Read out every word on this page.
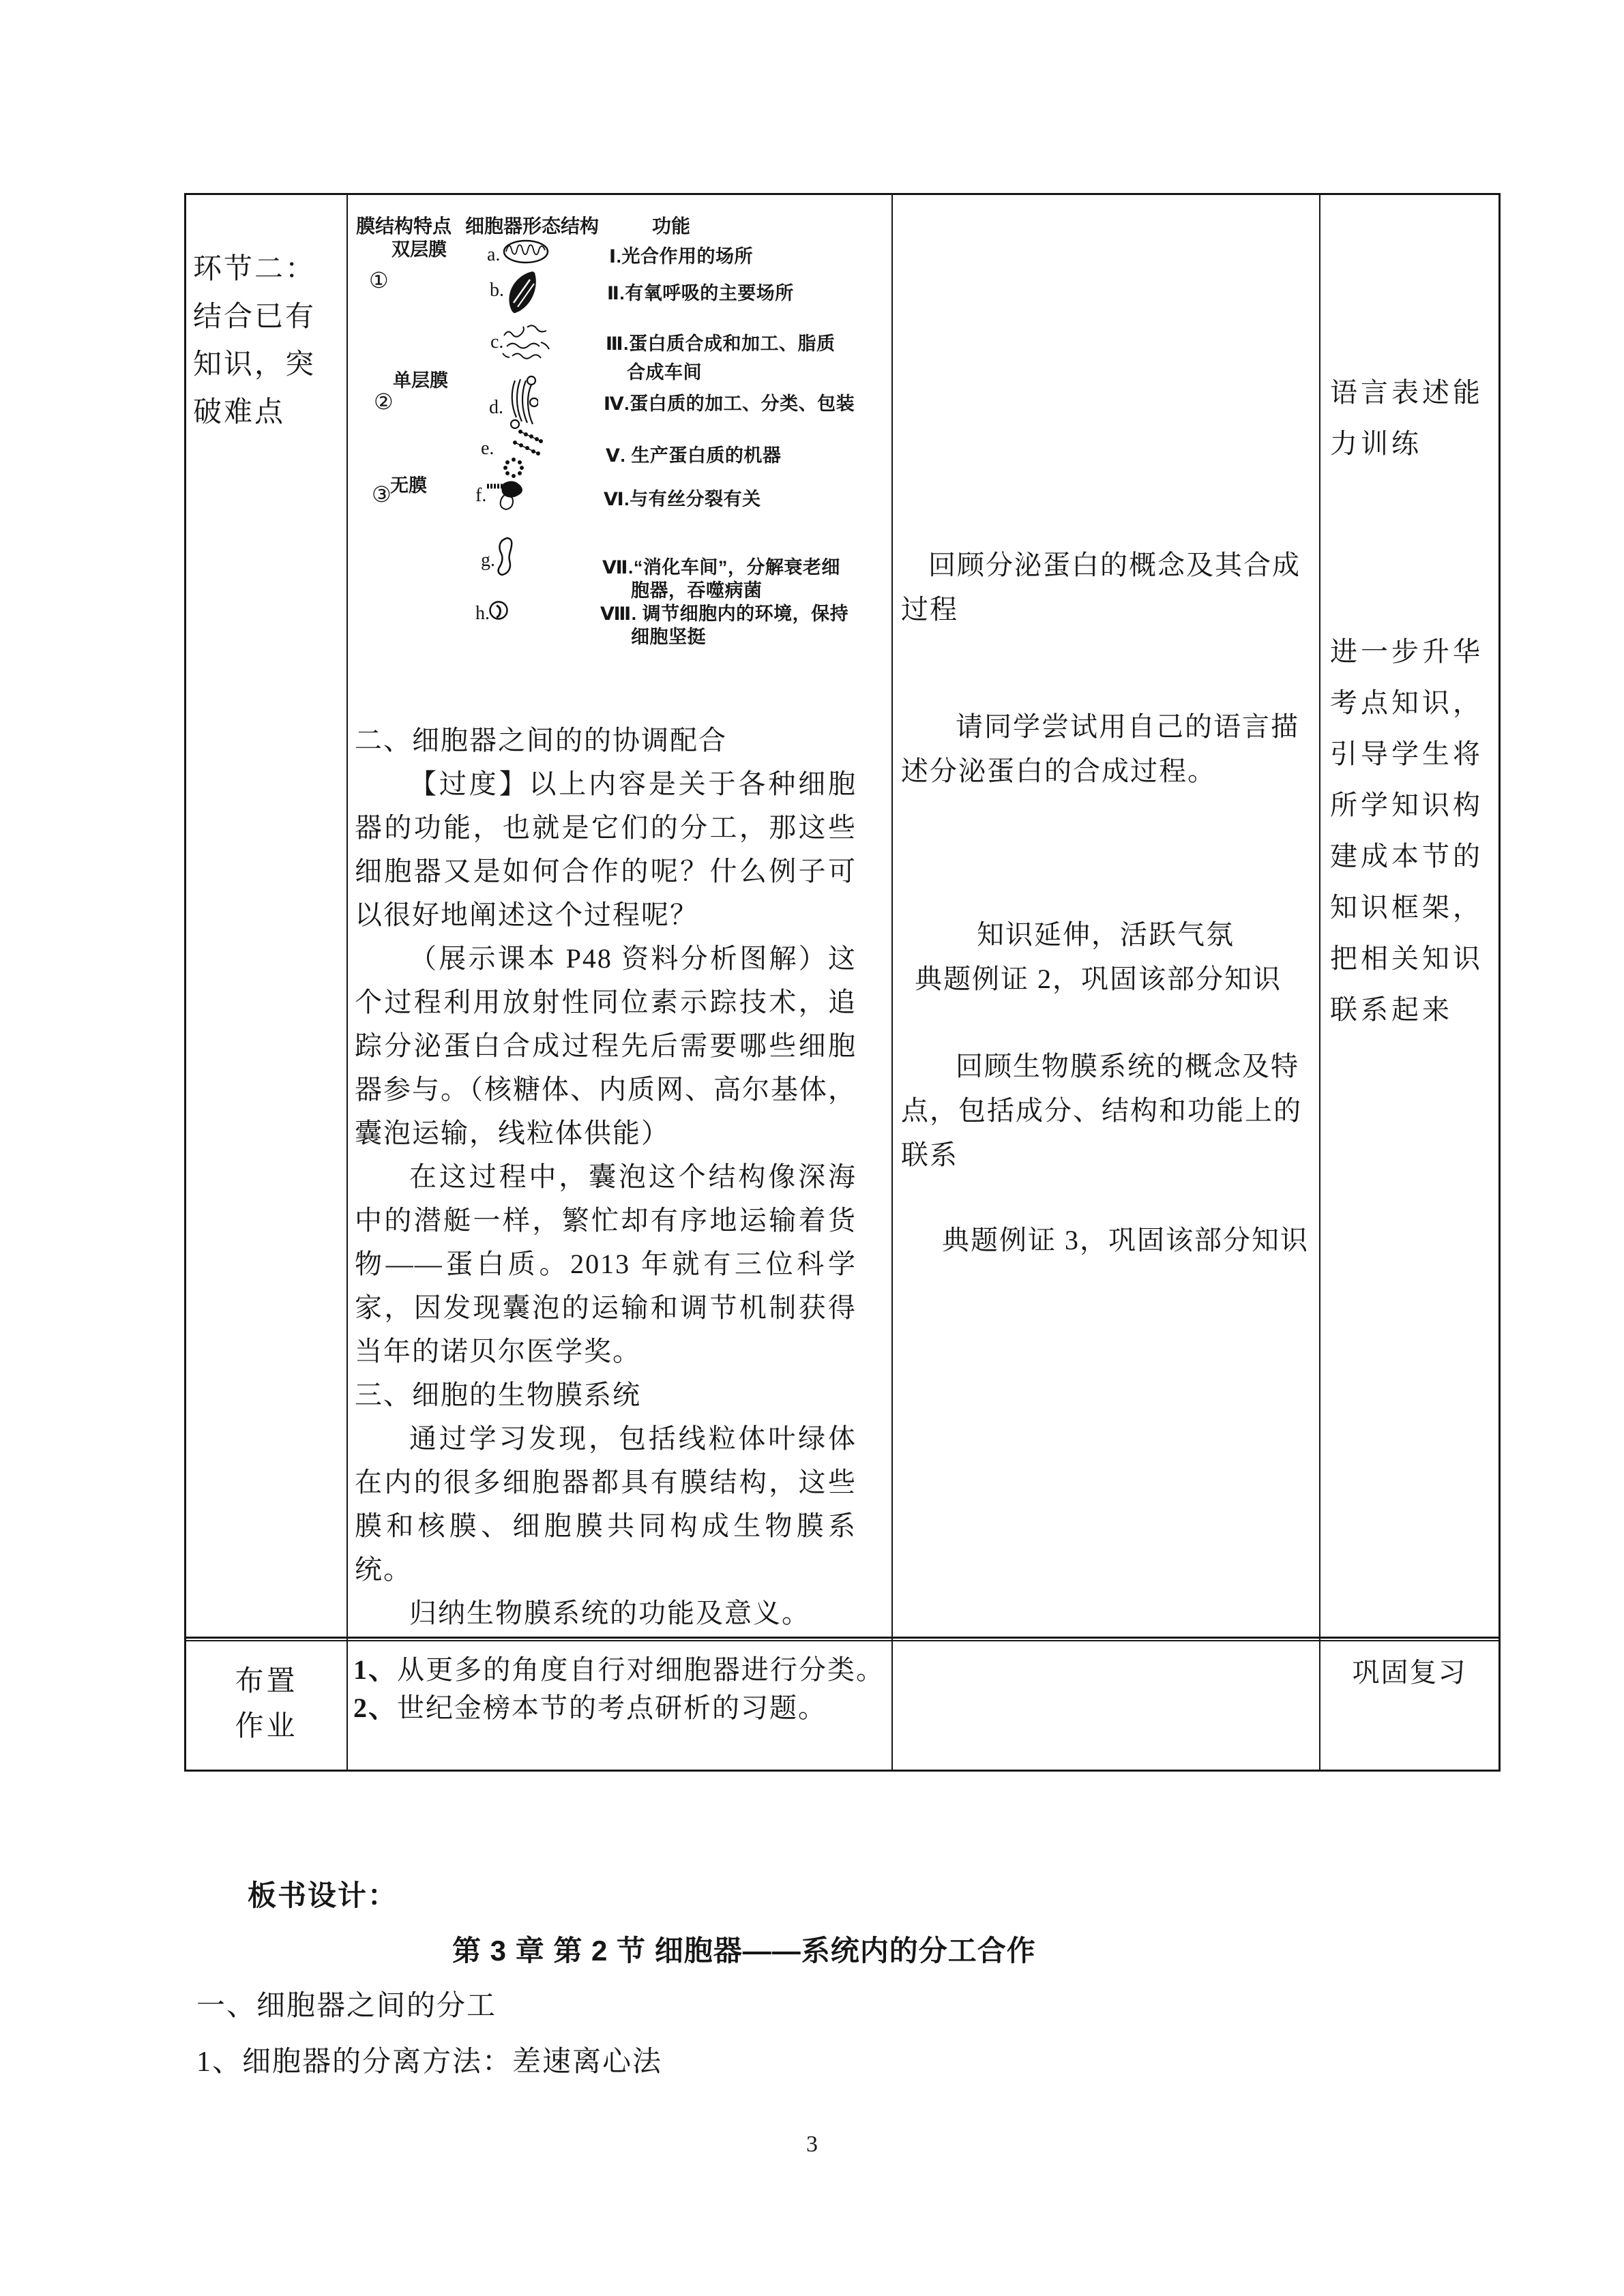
环节二：结合已有知识，突破难点
膜结构特点 细胞器形态结构	功能
①
双层膜
②
单层膜
③
无膜
a.
b.
c.
d.
e.
f.
g.
h.
Ⅰ.光合作用的场所
Ⅱ.有氧呼吸的主要场所
Ⅲ.蛋白质合成和加工、脂质
合成车间
Ⅳ.蛋白质的加工、分类、包装
Ⅴ. 生产蛋白质的机器
Ⅵ.与有丝分裂有关
Ⅶ.“消化车间”，分解衰老细
胞器，吞噬病菌
Ⅷ. 调节细胞内的环境，保持
细胞坚挺

二、细胞器之间的的协调配合

【过度】以上内容是关于各种细胞器的功能，也就是它们的分工，那这些细胞器又是如何合作的呢？什么例子可以很好地阐述这个过程呢？

（展示课本 P48 资料分析图解）这个过程利用放射性同位素示踪技术，追踪分泌蛋白合成过程先后需要哪些细胞器参与。（核糖体、内质网、高尔基体，囊泡运输，线粒体供能）

在这过程中，囊泡这个结构像深海中的潜艇一样，繁忙却有序地运输着货物——蛋白质。2013 年就有三位科学家，因发现囊泡的运输和调节机制获得当年的诺贝尔医学奖。

三、细胞的生物膜系统

通过学习发现，包括线粒体叶绿体在内的很多细胞器都具有膜结构，这些膜和核膜、细胞膜共同构成生物膜系统。

归纳生物膜系统的功能及意义。

回顾分泌蛋白的概念及其合成过程

请同学尝试用自己的语言描述分泌蛋白的合成过程。

知识延伸，活跃气氛

典题例证 2，巩固该部分知识

回顾生物膜系统的概念及特点，包括成分、结构和功能上的联系

典题例证 3，巩固该部分知识

语言表述能力训练

进一步升华考点知识，引导学生将所学知识构建成本节的知识框架，把相关知识联系起来

布置作业
1、从更多的角度自行对细胞器进行分类。2、世纪金榜本节的考点研析的习题。
巩固复习
板书设计：
第 3 章 第 2 节 细胞器——系统内的分工合作
一、细胞器之间的分工
1、细胞器的分离方法：差速离心法
3
